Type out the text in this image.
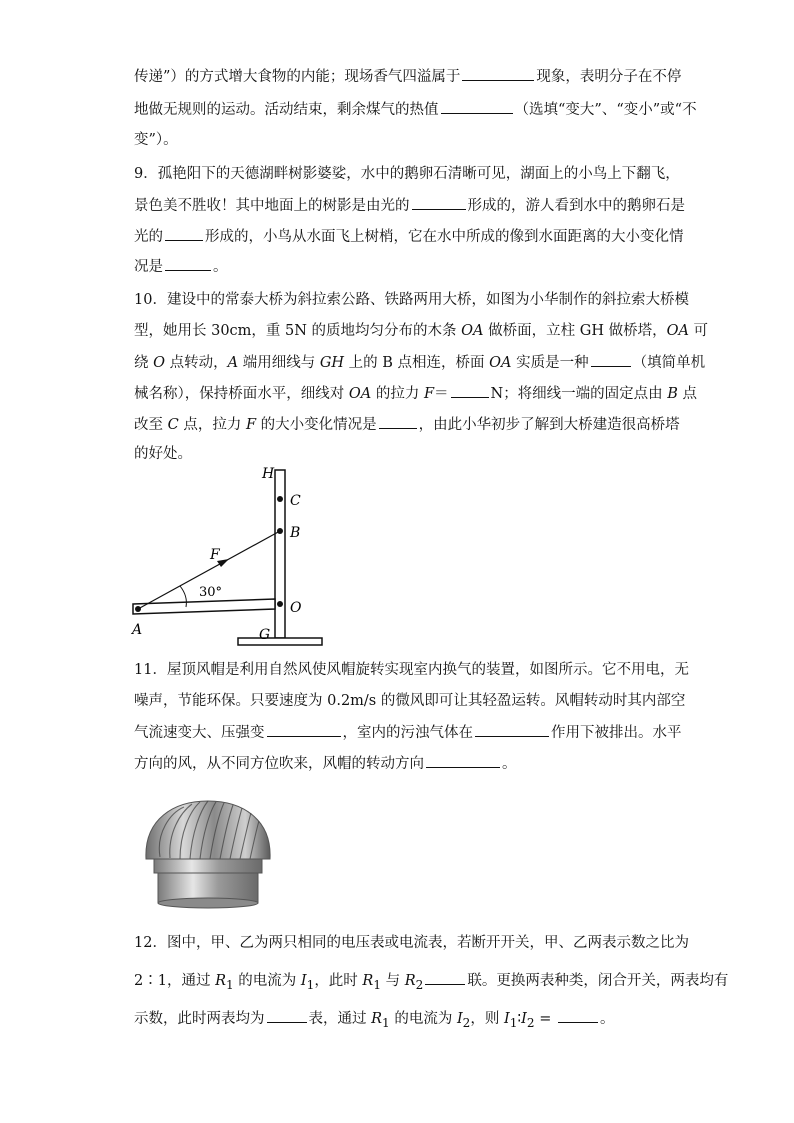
传递”）的方式增大食物的内能；现场香气四溢属于	现象，表明分子在不停
地做无规则的运动。活动结束，剩余煤气的热值	（选填“变大”、“变小”或“不
变”）。
9．孤艳阳下的天德湖畔树影婆娑，水中的鹅卵石清晰可见，湖面上的小鸟上下翻飞，
景色美不胜收！其中地面上的树影是由光的	形成的，游人看到水中的鹅卵石是
光的	形成的，小鸟从水面飞上树梢，它在水中所成的像到水面距离的大小变化情
况是	。
10．建设中的常泰大桥为斜拉索公路、铁路两用大桥，如图为小华制作的斜拉索大桥模
型，她用长 30cm，重 5N 的质地均匀分布的木条 OA 做桥面，立柱 GH 做桥塔，OA 可
绕 O 点转动，A 端用细线与 GH 上的 B 点相连，桥面 OA 实质是一种	（填简单机
械名称），保持桥面水平，细线对 OA 的拉力 F＝	N；将细线一端的固定点由 B 点
改至 C 点，拉力 F 的大小变化情况是	，由此小华初步了解到大桥建造很高桥塔
的好处。
H
C
B
F
30°
O
A	G
11．屋顶风帽是利用自然风使风帽旋转实现室内换气的装置，如图所示。它不用电，无
噪声，节能环保。只要速度为 0.2m/s 的微风即可让其轻盈运转。风帽转动时其内部空
气流速变大、压强变	，室内的污浊气体在	作用下被排出。水平
方向的风，从不同方位吹来，风帽的转动方向	。
12．图中，甲、乙为两只相同的电压表或电流表，若断开开关，甲、乙两表示数之比为
2∶1，通过 $R_1$ 的电流为 $I_1$，此时 $R_1$ 与 $R_2$	联。更换两表种类，闭合开关，两表均有
示数，此时两表均为	表，通过 $R_1$ 的电流为 $I_2$，则 $I_1∶I_2$ =	。
